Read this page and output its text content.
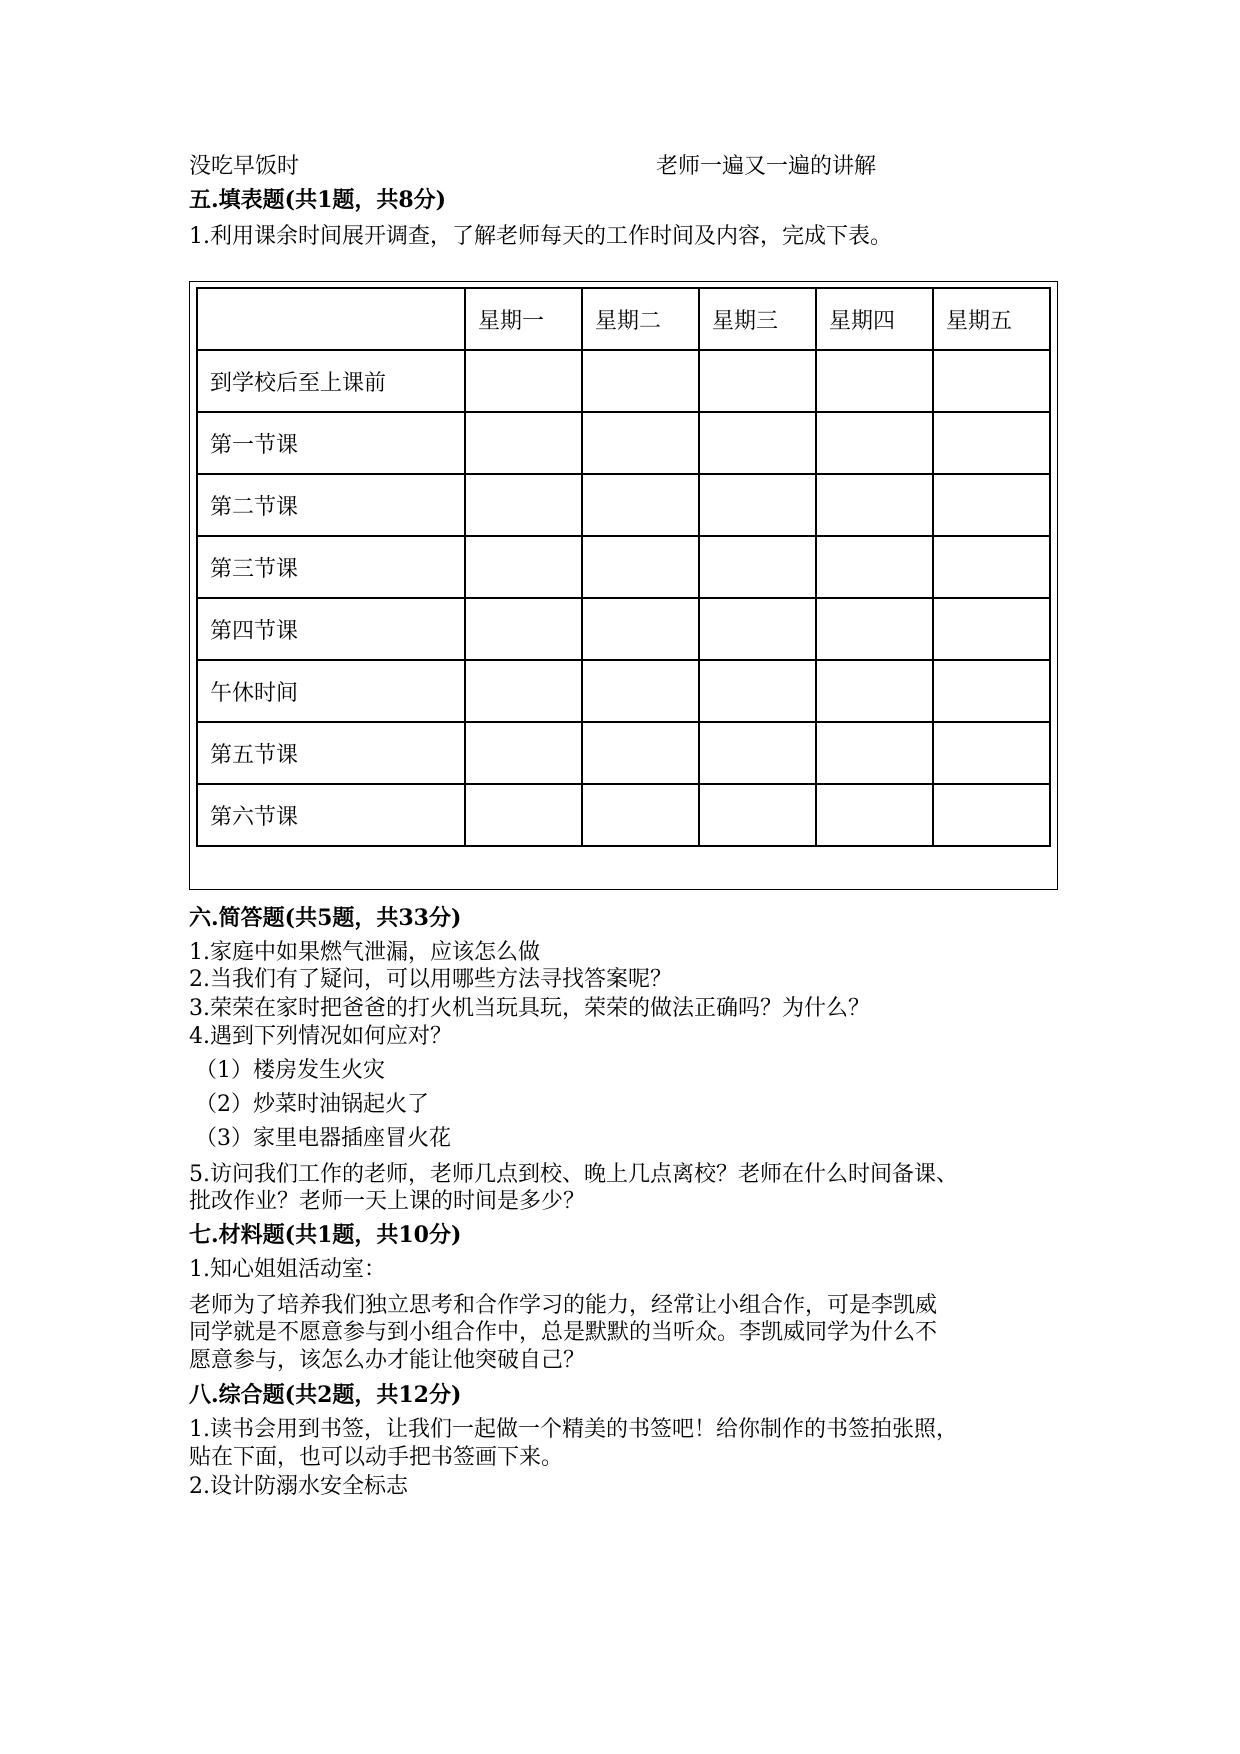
没吃早饭时	老师一遍又一遍的讲解
五.填表题(共1题，共8分)
1.利用课余时间展开调查，了解老师每天的工作时间及内容，完成下表。
	星期一	星期二	星期三	星期四	星期五
到学校后至上课前					
第一节课					
第二节课					
第三节课					
第四节课					
午休时间					
第五节课					
第六节课					
六.简答题(共5题，共33分)
1.家庭中如果燃气泄漏，应该怎么做
2.当我们有了疑问，可以用哪些方法寻找答案呢？
3.荣荣在家时把爸爸的打火机当玩具玩，荣荣的做法正确吗？为什么？
4.遇到下列情况如何应对？
（1）楼房发生火灾
（2）炒菜时油锅起火了
（3）家里电器插座冒火花
5.访问我们工作的老师，老师几点到校、晚上几点离校？老师在什么时间备课、
批改作业？老师一天上课的时间是多少？
七.材料题(共1题，共10分)
1.知心姐姐活动室：
老师为了培养我们独立思考和合作学习的能力，经常让小组合作，可是李凯威
同学就是不愿意参与到小组合作中，总是默默的当听众。李凯威同学为什么不
愿意参与，该怎么办才能让他突破自己？
八.综合题(共2题，共12分)
1.读书会用到书签，让我们一起做一个精美的书签吧！给你制作的书签拍张照，
贴在下面，也可以动手把书签画下来。
2.设计防溺水安全标志
